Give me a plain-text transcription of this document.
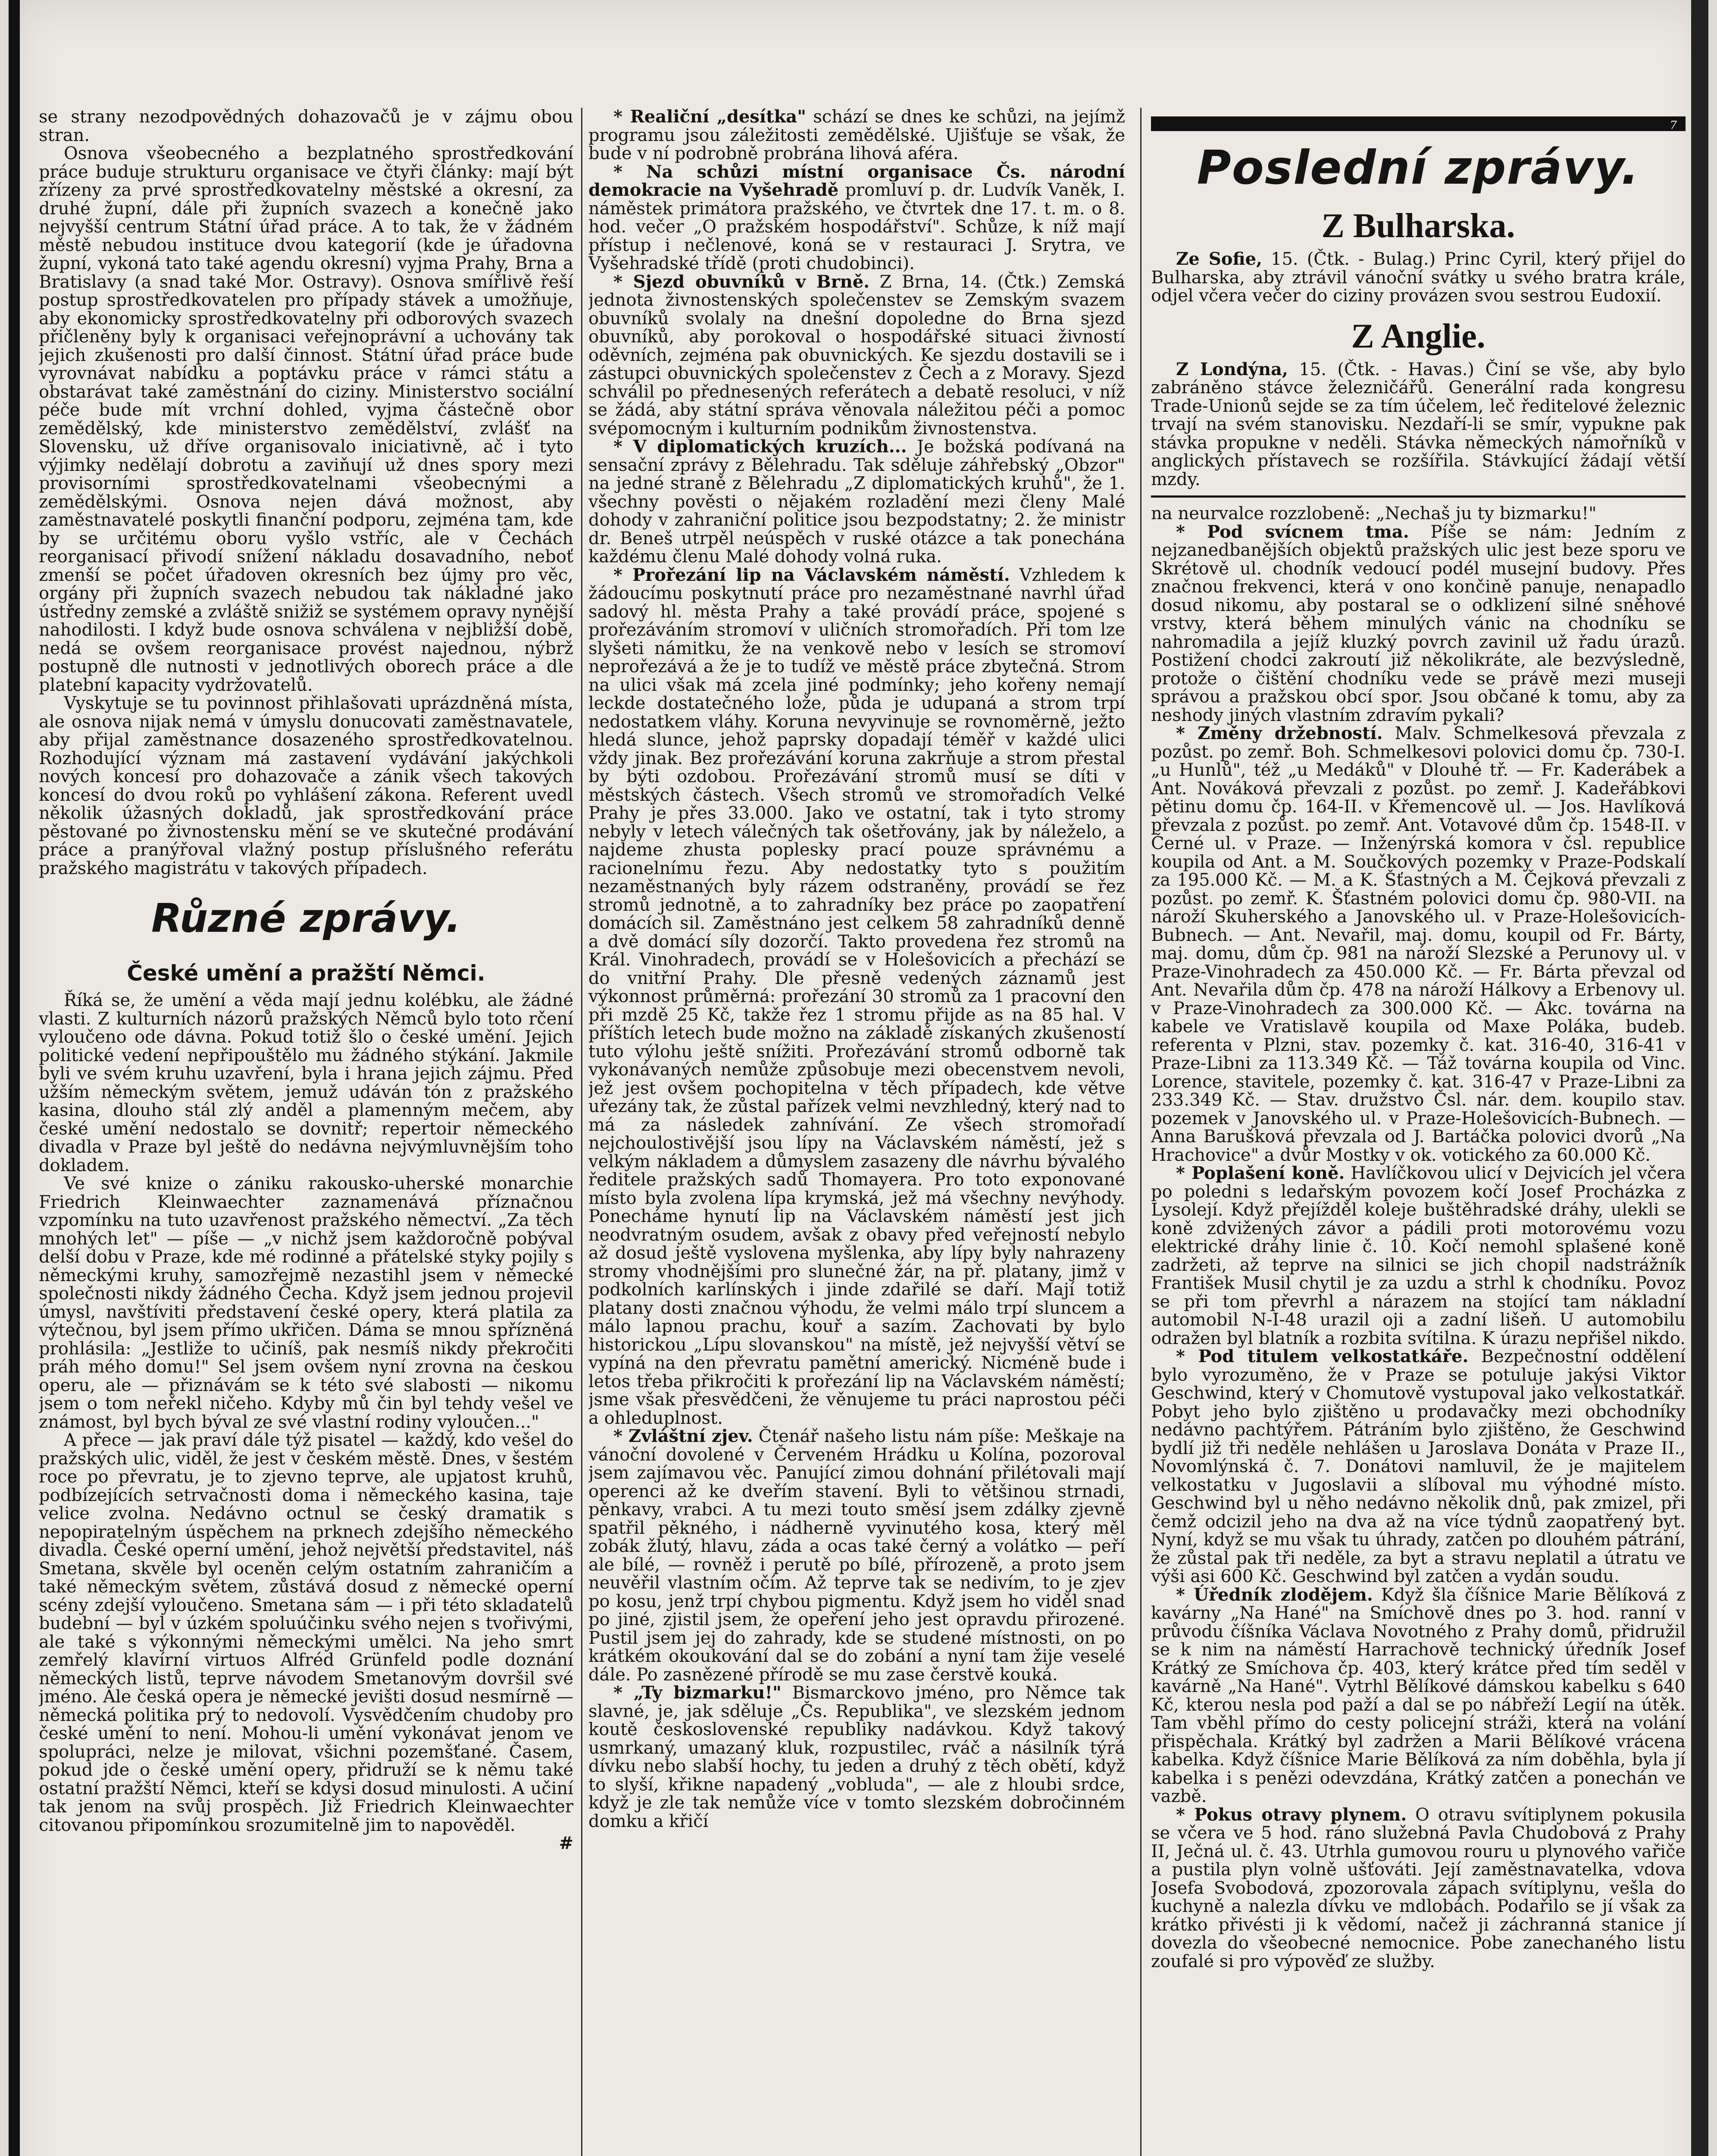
se strany nezodpovědných dohazovačů je v zájmu obou stran.

Osnova všeobecného a bezplatného sprostředkování práce buduje strukturu organisace ve čtyři články: mají být zřízeny za prvé sprostředkovatelny městské a okresní, za druhé župní, dále při župních svazech a konečně jako nejvyšší centrum Státní úřad práce. A to tak, že v žádném městě nebudou instituce dvou kategorií (kde je úřadovna župní, vykoná tato také agendu okresní) vyjma Prahy, Brna a Bratislavy (a snad také Mor. Ostravy). Osnova smířlivě řeší postup sprostředkovatelen pro případy stávek a umožňuje, aby ekonomicky sprostředkovatelny při odborových svazech přičleněny byly k organisaci veřejnoprávní a uchovány tak jejich zkušenosti pro další činnost. Státní úřad práce bude vyrovnávat nabídku a poptávku práce v rámci státu a obstarávat také zaměstnání do ciziny. Ministerstvo sociální péče bude mít vrchní dohled, vyjma částečně obor zemědělský, kde ministerstvo zemědělství, zvlášť na Slovensku, už dříve organisovalo iniciativně, ač i tyto výjimky nedělají dobrotu a zaviňují už dnes spory mezi provisorními sprostředkovatelnami všeobecnými a zemědělskými. Osnova nejen dává možnost, aby zaměstnavatelé poskytli finanční podporu, zejména tam, kde by se určitému oboru vyšlo vstříc, ale v Čechách reorganisací přivodí snížení nákladu dosavadního, neboť zmenší se počet úřadoven okresních bez újmy pro věc, orgány při župních svazech nebudou tak nákladné jako ústředny zemské a zvláště snižiž se systémem opravy nynější nahodilosti. I když bude osnova schválena v nejbližší době, nedá se ovšem reorganisace provést najednou, nýbrž postupně dle nutnosti v jednotlivých oborech práce a dle platební kapacity vydržovatelů.

Vyskytuje se tu povinnost přihlašovati uprázdněná místa, ale osnova nijak nemá v úmyslu donucovati zaměstnavatele, aby přijal zaměstnance dosazeného sprostředkovatelnou. Rozhodující význam má zastavení vydávání jakýchkoli nových koncesí pro dohazovače a zánik všech takových koncesí do dvou roků po vyhlášení zákona. Referent uvedl několik úžasných dokladů, jak sprostředkování práce pěstované po živnostensku mění se ve skutečné prodávání práce a pranýřoval vlažný postup příslušného referátu pražského magistrátu v takových případech.

Různé zprávy.
České umění a pražští Němci.

Říká se, že umění a věda mají jednu kolébku, ale žádné vlasti. Z kulturních názorů pražských Němců bylo toto rčení vyloučeno ode dávna. Pokud totiž šlo o české umění. Jejich politické vedení nepřipouštělo mu žádného stýkání. Jakmile byli ve svém kruhu uzavření, byla i hrana jejich zájmu. Před užším německým světem, jemuž udáván tón z pražského kasina, dlouho stál zlý anděl a plamenným mečem, aby české umění nedostalo se dovnitř; repertoir německého divadla v Praze byl ještě do nedávna nejvýmluvnějším toho dokladem.

Ve své knize o zániku rakousko-uherské monarchie Friedrich Kleinwaechter zaznamenává příznačnou vzpomínku na tuto uzavřenost pražského němectví. „Za těch mnohých let" — píše — „v nichž jsem každoročně pobýval delší dobu v Praze, kde mé rodinné a přátelské styky pojily s německými kruhy, samozřejmě nezastihl jsem v německé společnosti nikdy žádného Čecha. Když jsem jednou projevil úmysl, navštíviti představení české opery, která platila za výtečnou, byl jsem přímo ukřičen. Dáma se mnou spřízněná prohlásila: „Jestliže to učiníš, pak nesmíš nikdy překročiti práh mého domu!" Sel jsem ovšem nyní zrovna na českou operu, ale — přiznávám se k této své slabosti — nikomu jsem o tom neřekl ničeho. Kdyby mů čin byl tehdy vešel ve známost, byl bych býval ze své vlastní rodiny vyloučen..."

A přece — jak praví dále týž pisatel — každý, kdo vešel do pražských ulic, viděl, že jest v českém městě. Dnes, v šestém roce po převratu, je to zjevno teprve, ale upjatost kruhů, podbízejících setrvačnosti doma i německého kasina, taje velice zvolna. Nedávno octnul se český dramatik s nepopiratelným úspěchem na prknech zdejšího německého divadla. České operní umění, jehož největší představitel, náš Smetana, skvěle byl oceněn celým ostatním zahraničím a také německým světem, zůstává dosud z německé operní scény zdejší vyloučeno. Smetana sám — i při této skladatelů budební — byl v úzkém spoluúčinku svého nejen s tvořivými, ale také s výkonnými německými umělci. Na jeho smrt zemřelý klavírní virtuos Alfréd Grünfeld podle doznání německých listů, teprve návodem Smetanovým dovršil své jméno. Ale česká opera je německé jevišti dosud nesmírně — německá politika prý to nedovolí. Vysvědčením chudoby pro české umění to není. Mohou-li umění vykonávat jenom ve spolupráci, nelze je milovat, všichni pozemšťané. Časem, pokud jde o české umění opery, přidruží se k němu také ostatní pražští Němci, kteří se kdysi dosud minulosti. A učiní tak jenom na svůj prospěch. Již Friedrich Kleinwaechter citovanou připomínkou srozumitelně jim to napověděl.

#

* Realiční „desítka" schází se dnes ke schůzi, na jejímž programu jsou záležitosti zemědělské. Ujišťuje se však, že bude v ní podrobně probrána lihová aféra.

* Na schůzi místní organisace Čs. národní demokracie na Vyšehradě promluví p. dr. Ludvík Vaněk, I. náměstek primátora pražského, ve čtvrtek dne 17. t. m. o 8. hod. večer „O pražském hospodářství". Schůze, k níž mají přístup i nečlenové, koná se v restauraci J. Srytra, ve Vyšehradské třídě (proti chudobinci).

* Sjezd obuvníků v Brně. Z Brna, 14. (Čtk.) Zemská jednota živnostenských společenstev se Zemským svazem obuvníků svolaly na dnešní dopoledne do Brna sjezd obuvníků, aby porokoval o hospodářské situaci živností oděvních, zejména pak obuvnických. Ke sjezdu dostavili se i zástupci obuvnických společenstev z Čech a z Moravy. Sjezd schválil po přednesených referátech a debatě resoluci, v níž se žádá, aby státní správa věnovala náležitou péči a pomoc svépomocným i kulturním podnikům živnostenstva.

* V diplomatických kruzích... Je božská podívaná na sensační zprávy z Bělehradu. Tak sděluje záhřebský „Obzor" na jedné straně z Bělehradu „Z diplomatických kruhů", že 1. všechny pověsti o nějakém rozladění mezi členy Malé dohody v zahraniční politice jsou bezpodstatny; 2. že ministr dr. Beneš utrpěl neúspěch v ruské otázce a tak ponechána každému členu Malé dohody volná ruka.

* Prořezání lip na Václavském náměstí. Vzhledem k žádoucímu poskytnutí práce pro nezaměstnané navrhl úřad sadový hl. města Prahy a také provádí práce, spojené s prořezáváním stromoví v uličních stromořadích. Při tom lze slyšeti námitku, že na venkově nebo v lesích se stromoví neprořezává a že je to tudíž ve městě práce zbytečná. Strom na ulici však má zcela jiné podmínky; jeho kořeny nemají leckde dostatečného lože, půda je udupaná a strom trpí nedostatkem vláhy. Koruna nevyvinuje se rovnoměrně, ježto hledá slunce, jehož paprsky dopadají téměř v každé ulici vždy jinak. Bez prořezávání koruna zakrňuje a strom přestal by býti ozdobou. Prořezávání stromů musí se díti v městských částech. Všech stromů ve stromořadích Velké Prahy je přes 33.000. Jako ve ostatní, tak i tyto stromy nebyly v letech válečných tak ošetřovány, jak by náleželo, a najdeme zhusta poplesky prací pouze správnému a racionelnímu řezu. Aby nedostatky tyto s použitím nezaměstnaných byly rázem odstraněny, provádí se řez stromů jednotně, a to zahradníky bez práce po zaopatření domácích sil. Zaměstnáno jest celkem 58 zahradníků denně a dvě domácí síly dozorčí. Takto provedena řez stromů na Král. Vinohradech, provádí se v Holešovicích a přechází se do vnitřní Prahy. Dle přesně vedených záznamů jest výkonnost průměrná: prořezání 30 stromů za 1 pracovní den při mzdě 25 Kč, takže řez 1 stromu přijde as na 85 hal. V příštích letech bude možno na základě získaných zkušeností tuto výlohu ještě snížiti. Prořezávání stromů odborně tak vykonávaných nemůže způsobuje mezi obecenstvem nevoli, jež jest ovšem pochopitelna v těch případech, kde větve uřezány tak, že zůstal pařízek velmi nevzhledný, který nad to má za následek zahnívání. Ze všech stromořadí nejchoulostivější jsou lípy na Václavském náměstí, jež s velkým nákladem a důmyslem zasazeny dle návrhu bývalého ředitele pražských sadů Thomayera. Pro toto exponované místo byla zvolena lípa krymská, jež má všechny nevýhody. Ponecháme hynutí lip na Václavském náměstí jest jich neodvratným osudem, avšak z obavy před veřejností nebylo až dosud ještě vyslovena myšlenka, aby lípy byly nahrazeny stromy vhodnějšími pro slunečné žár, na př. platany, jimž v podkolních karlínských i jinde zdařilé se daří. Mají totiž platany dosti značnou výhodu, že velmi málo trpí sluncem a málo lapnou prachu, kouř a sazím. Zachovati by bylo historickou „Lípu slovanskou" na místě, jež nejvyšší větví se vypíná na den převratu pamětní americký. Nicméně bude i letos třeba přikročiti k prořezání lip na Václavském náměstí; jsme však přesvědčeni, že věnujeme tu práci naprostou péči a ohleduplnost.

* Zvláštní zjev. Čtenář našeho listu nám píše: Meškaje na vánoční dovolené v Červeném Hrádku u Kolína, pozoroval jsem zajímavou věc. Panující zimou dohnání přilétovali mají operenci až ke dveřím stavení. Byli to většinou strnadi, pěnkavy, vrabci. A tu mezi touto směsí jsem zdálky zjevně spatřil pěkného, i nádherně vyvinutého kosa, který měl zobák žlutý, hlavu, záda a ocas také černý a volátko — peří ale bílé, — rovněž i perutě po bílé, přírozeně, a proto jsem neuvěřil vlastním očím. Až teprve tak se nedivím, to je zjev po kosu, jenž trpí chybou pigmentu. Když jsem ho viděl snad po jiné, zjistil jsem, že opeření jeho jest opravdu přirozené. Pustil jsem jej do zahrady, kde se studené místnosti, on po krátkém okoukování dal se do zobání a nyní tam žije veselé dále. Po zasnězené přírodě se mu zase čerstvě kouká.

* „Ty bizmarku!" Bismarckovo jméno, pro Němce tak slavné, je, jak sděluje „Čs. Republika", ve slezském jednom koutě československé republiky nadávkou. Když takový usmrkaný, umazaný kluk, rozpustilec, rváč a násilník týrá dívku nebo slabší hochy, tu jeden a druhý z těch obětí, když to slyší, křikne napadený „vobluda", — ale z hloubi srdce, když je zle tak nemůže více v tomto slezském dobročinném domku a křičí

7
Poslední zprávy.
Z Bulharska.

Ze Sofie, 15. (Čtk. - Bulag.) Princ Cyril, který přijel do Bulharska, aby ztrávil vánoční svátky u svého bratra krále, odjel včera večer do ciziny provázen svou sestrou Eudoxií.

Z Anglie.

Z Londýna, 15. (Čtk. - Havas.) Činí se vše, aby bylo zabráněno stávce železničářů. Generální rada kongresu Trade-Unionů sejde se za tím účelem, leč ředitelové železnic trvají na svém stanovisku. Nezdaří-li se smír, vypukne pak stávka propukne v neděli. Stávka německých námořníků v anglických přístavech se rozšířila. Stávkující žádají větší mzdy.

na neurvalce rozzlobeně: „Nechaš ju ty bizmarku!"

* Pod svícnem tma. Píše se nám: Jedním z nejzanedbanějších objektů pražských ulic jest beze sporu ve Skrétově ul. chodník vedoucí podél musejní budovy. Přes značnou frekvenci, která v ono končině panuje, nenapadlo dosud nikomu, aby postaral se o odklizení silné sněhové vrstvy, která během minulých vánic na chodníku se nahromadila a jejíž kluzký povrch zavinil už řadu úrazů. Postižení chodci zakroutí již několikráte, ale bezvýsledně, protože o čištění chodníku vede se právě mezi museji správou a pražskou obcí spor. Jsou občané k tomu, aby za neshody jiných vlastním zdravím pykali?

* Změny držebností. Malv. Schmelkesová převzala z pozůst. po zemř. Boh. Schmelkesovi polovici domu čp. 730-I. „u Hunlů", též „u Medáků" v Dlouhé tř. — Fr. Kaderábek a Ant. Nováková převzali z pozůst. po zemř. J. Kadeřábkovi pětinu domu čp. 164-II. v Křemencově ul. — Jos. Havlíková převzala z pozůst. po zemř. Ant. Votavové dům čp. 1548-II. v Černé ul. v Praze. — Inženýrská komora v čsl. republice koupila od Ant. a M. Součkových pozemky v Praze-Podskalí za 195.000 Kč. — M. a K. Šťastných a M. Čejková převzali z pozůst. po zemř. K. Šťastném polovici domu čp. 980-VII. na nároží Skuherského a Janovského ul. v Praze-Holešovicích-Bubnech. — Ant. Nevařil, maj. domu, koupil od Fr. Bárty, maj. domu, dům čp. 981 na nároží Slezské a Perunovy ul. v Praze-Vinohradech za 450.000 Kč. — Fr. Bárta převzal od Ant. Nevařila dům čp. 478 na nároží Hálkovy a Erbenovy ul. v Praze-Vinohradech za 300.000 Kč. — Akc. továrna na kabele ve Vratislavě koupila od Maxe Poláka, budeb. referenta v Plzni, stav. pozemky č. kat. 316-40, 316-41 v Praze-Libni za 113.349 Kč. — Táž továrna koupila od Vinc. Lorence, stavitele, pozemky č. kat. 316-47 v Praze-Libni za 233.349 Kč. — Stav. družstvo Čsl. nár. dem. koupilo stav. pozemek v Janovského ul. v Praze-Holešovicích-Bubnech. — Anna Barušková převzala od J. Bartáčka polovici dvorů „Na Hrachovice" a dvůr Mostky v ok. votického za 60.000 Kč.

* Poplašení koně. Havlíčkovou ulicí v Dejvicích jel včera po poledni s ledařským povozem kočí Josef Procházka z Lysolejí. Když přejížděl koleje buštěhradské dráhy, ulekli se koně zdvižených závor a pádili proti motorovému vozu elektrické dráhy linie č. 10. Kočí nemohl splašené koně zadržeti, až teprve na silnici se jich chopil nadstrážník František Musil chytil je za uzdu a strhl k chodníku. Povoz se při tom převrhl a nárazem na stojící tam nákladní automobil N-I-48 urazil oji a zadní lišeň. U automobilu odražen byl blatník a rozbita svítilna. K úrazu nepřišel nikdo.

* Pod titulem velkostatkáře. Bezpečnostní oddělení bylo vyrozuměno, že v Praze se potuluje jakýsi Viktor Geschwind, který v Chomutově vystupoval jako velkostatkář. Pobyt jeho bylo zjištěno u prodavačky mezi obchodníky nedávno pachtýřem. Pátráním bylo zjištěno, že Geschwind bydlí již tři neděle nehlášen u Jaroslava Donáta v Praze II., Novomlýnská č. 7. Donátovi namluvil, že je majitelem velkostatku v Jugoslavii a slíboval mu výhodné místo. Geschwind byl u něho nedávno několik dnů, pak zmizel, při čemž odcizil jeho na dva až na více týdnů zaopatřený byt. Nyní, když se mu však tu úhrady, zatčen po dlouhém pátrání, že zůstal pak tři neděle, za byt a stravu neplatil a útratu ve výši asi 600 Kč. Geschwind byl zatčen a vydán soudu.

* Úředník zlodějem. Když šla číšnice Marie Bělíková z kavárny „Na Hané" na Smíchově dnes po 3. hod. ranní v průvodu číšníka Václava Novotného z Prahy domů, přidružil se k nim na náměstí Harrachově technický úředník Josef Krátký ze Smíchova čp. 403, který krátce před tím seděl v kavárně „Na Hané". Vytrhl Bělíkové dámskou kabelku s 640 Kč, kterou nesla pod paží a dal se po nábřeží Legií na útěk. Tam vběhl přímo do cesty policejní stráži, která na volání přispěchala. Krátký byl zadržen a Marii Bělíkové vrácena kabelka. Když číšnice Marie Bělíková za ním doběhla, byla jí kabelka i s penězi odevzdána, Krátký zatčen a ponechán ve vazbě.

* Pokus otravy plynem. O otravu svítiplynem pokusila se včera ve 5 hod. ráno služebná Pavla Chudobová z Prahy II, Ječná ul. č. 43. Utrhla gumovou rouru u plynového vařiče a pustila plyn volně ušťováti. Její zaměstnavatelka, vdova Josefa Svobodová, zpozorovala zápach svítiplynu, vešla do kuchyně a nalezla dívku ve mdlobách. Podařilo se jí však za krátko přivésti ji k vědomí, načež ji záchranná stanice jí dovezla do všeobecné nemocnice. Pobe zanechaného listu zoufalé si pro výpověď ze služby.
